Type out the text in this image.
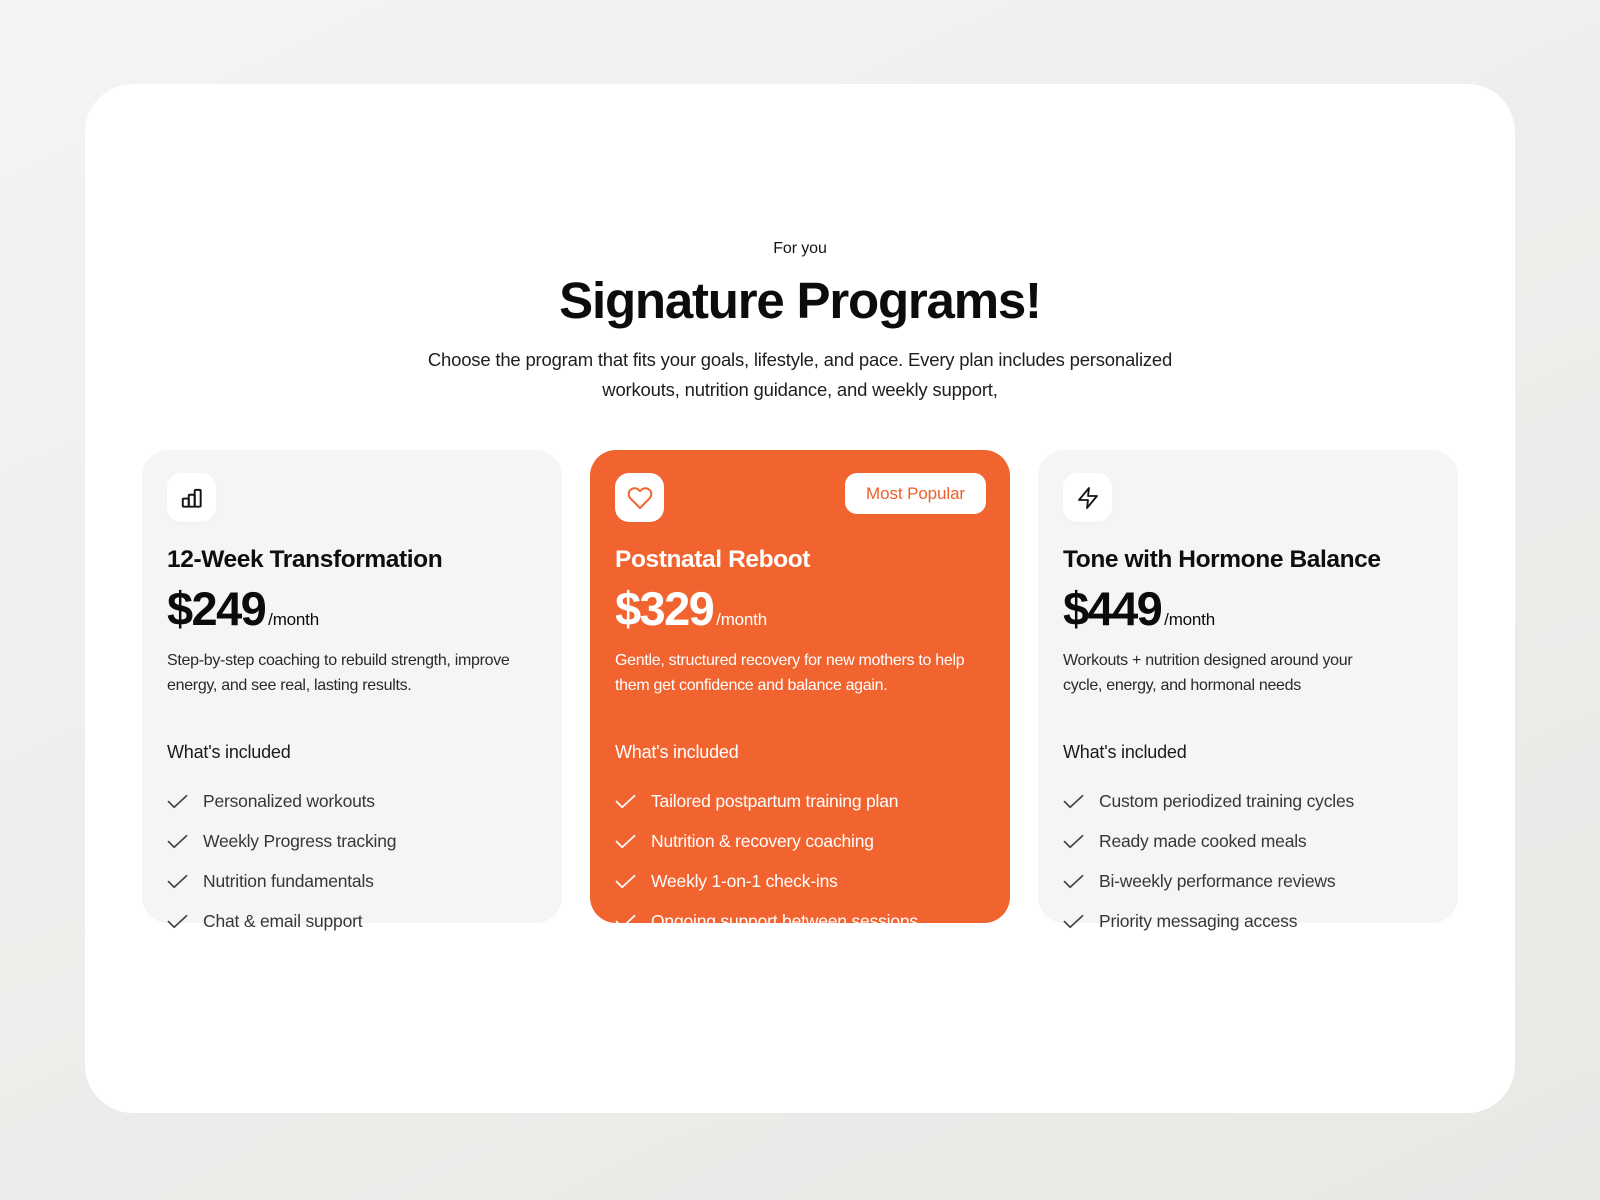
For you
Signature Programs!
Choose the program that fits your goals, lifestyle, and pace. Every plan includes personalized
workouts, nutrition guidance, and weekly support,
12-Week Transformation
$249 /month

Step-by-step coaching to rebuild strength, improve energy, and see real, lasting results.

What's included
Personalized workouts
Weekly Progress tracking
Nutrition fundamentals
Chat & email support
Most Popular
Postnatal Reboot
$329 /month

Gentle, structured recovery for new mothers to help them get confidence and balance again.

What's included
Tailored postpartum training plan
Nutrition & recovery coaching
Weekly 1-on-1 check-ins
Ongoing support between sessions
Tone with Hormone Balance
$449 /month

Workouts + nutrition designed around your cycle, energy, and hormonal needs

What's included
Custom periodized training cycles
Ready made cooked meals
Bi-weekly performance reviews
Priority messaging access
